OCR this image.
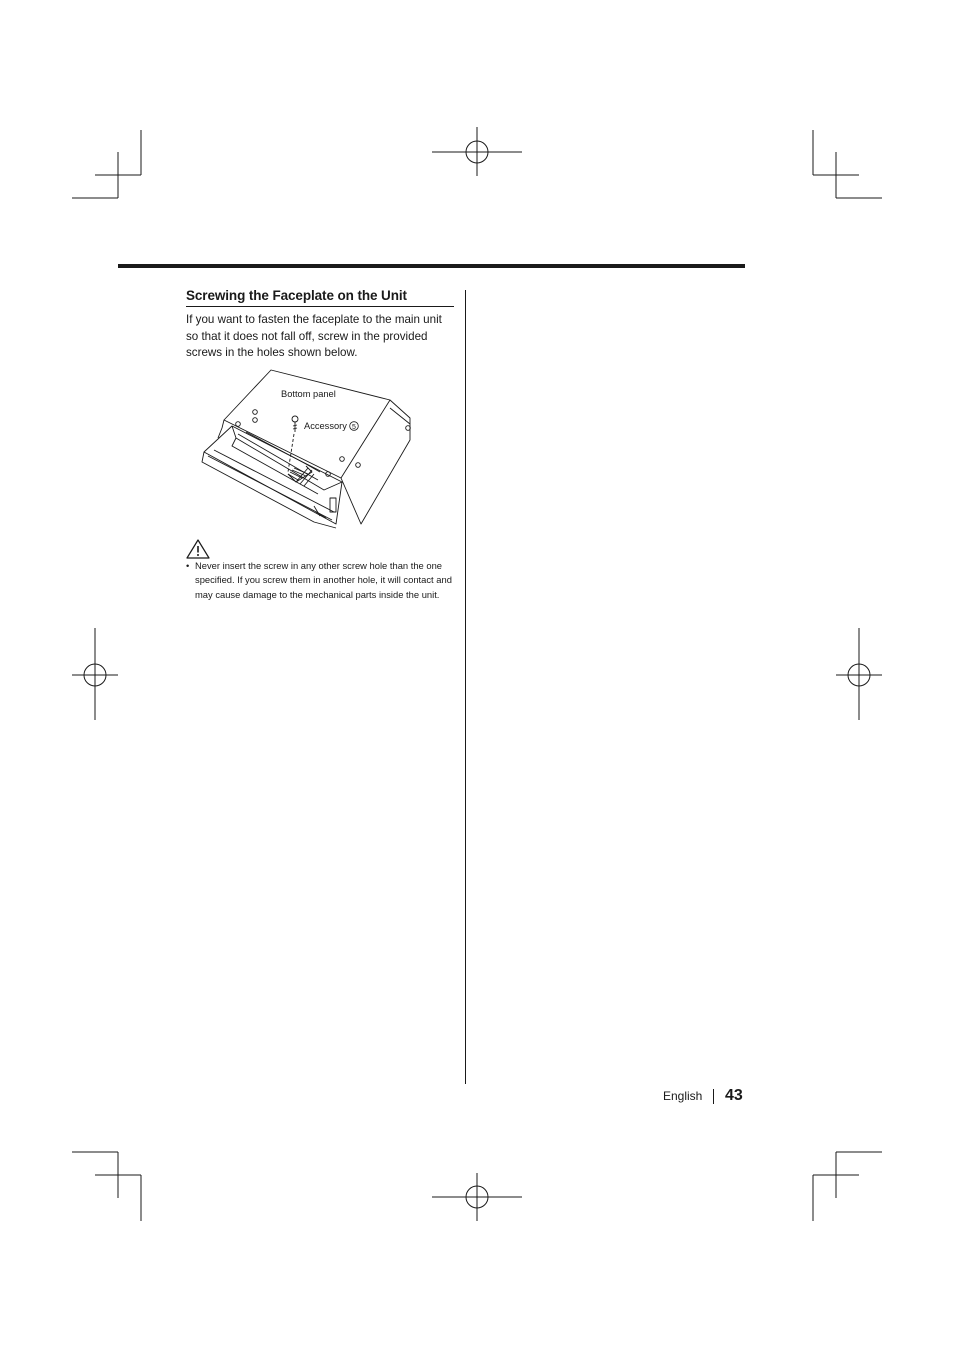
Screwing the Faceplate on the Unit
If you want to fasten the faceplate to the main unit so that it does not fall off, screw in the provided screws in the holes shown below.
Bottom panel
Accessory 5
• Never insert the screw in any other screw hole than the one specified. If you screw them in another hole, it will contact and may cause damage to the mechanical parts inside the unit.
English 43
